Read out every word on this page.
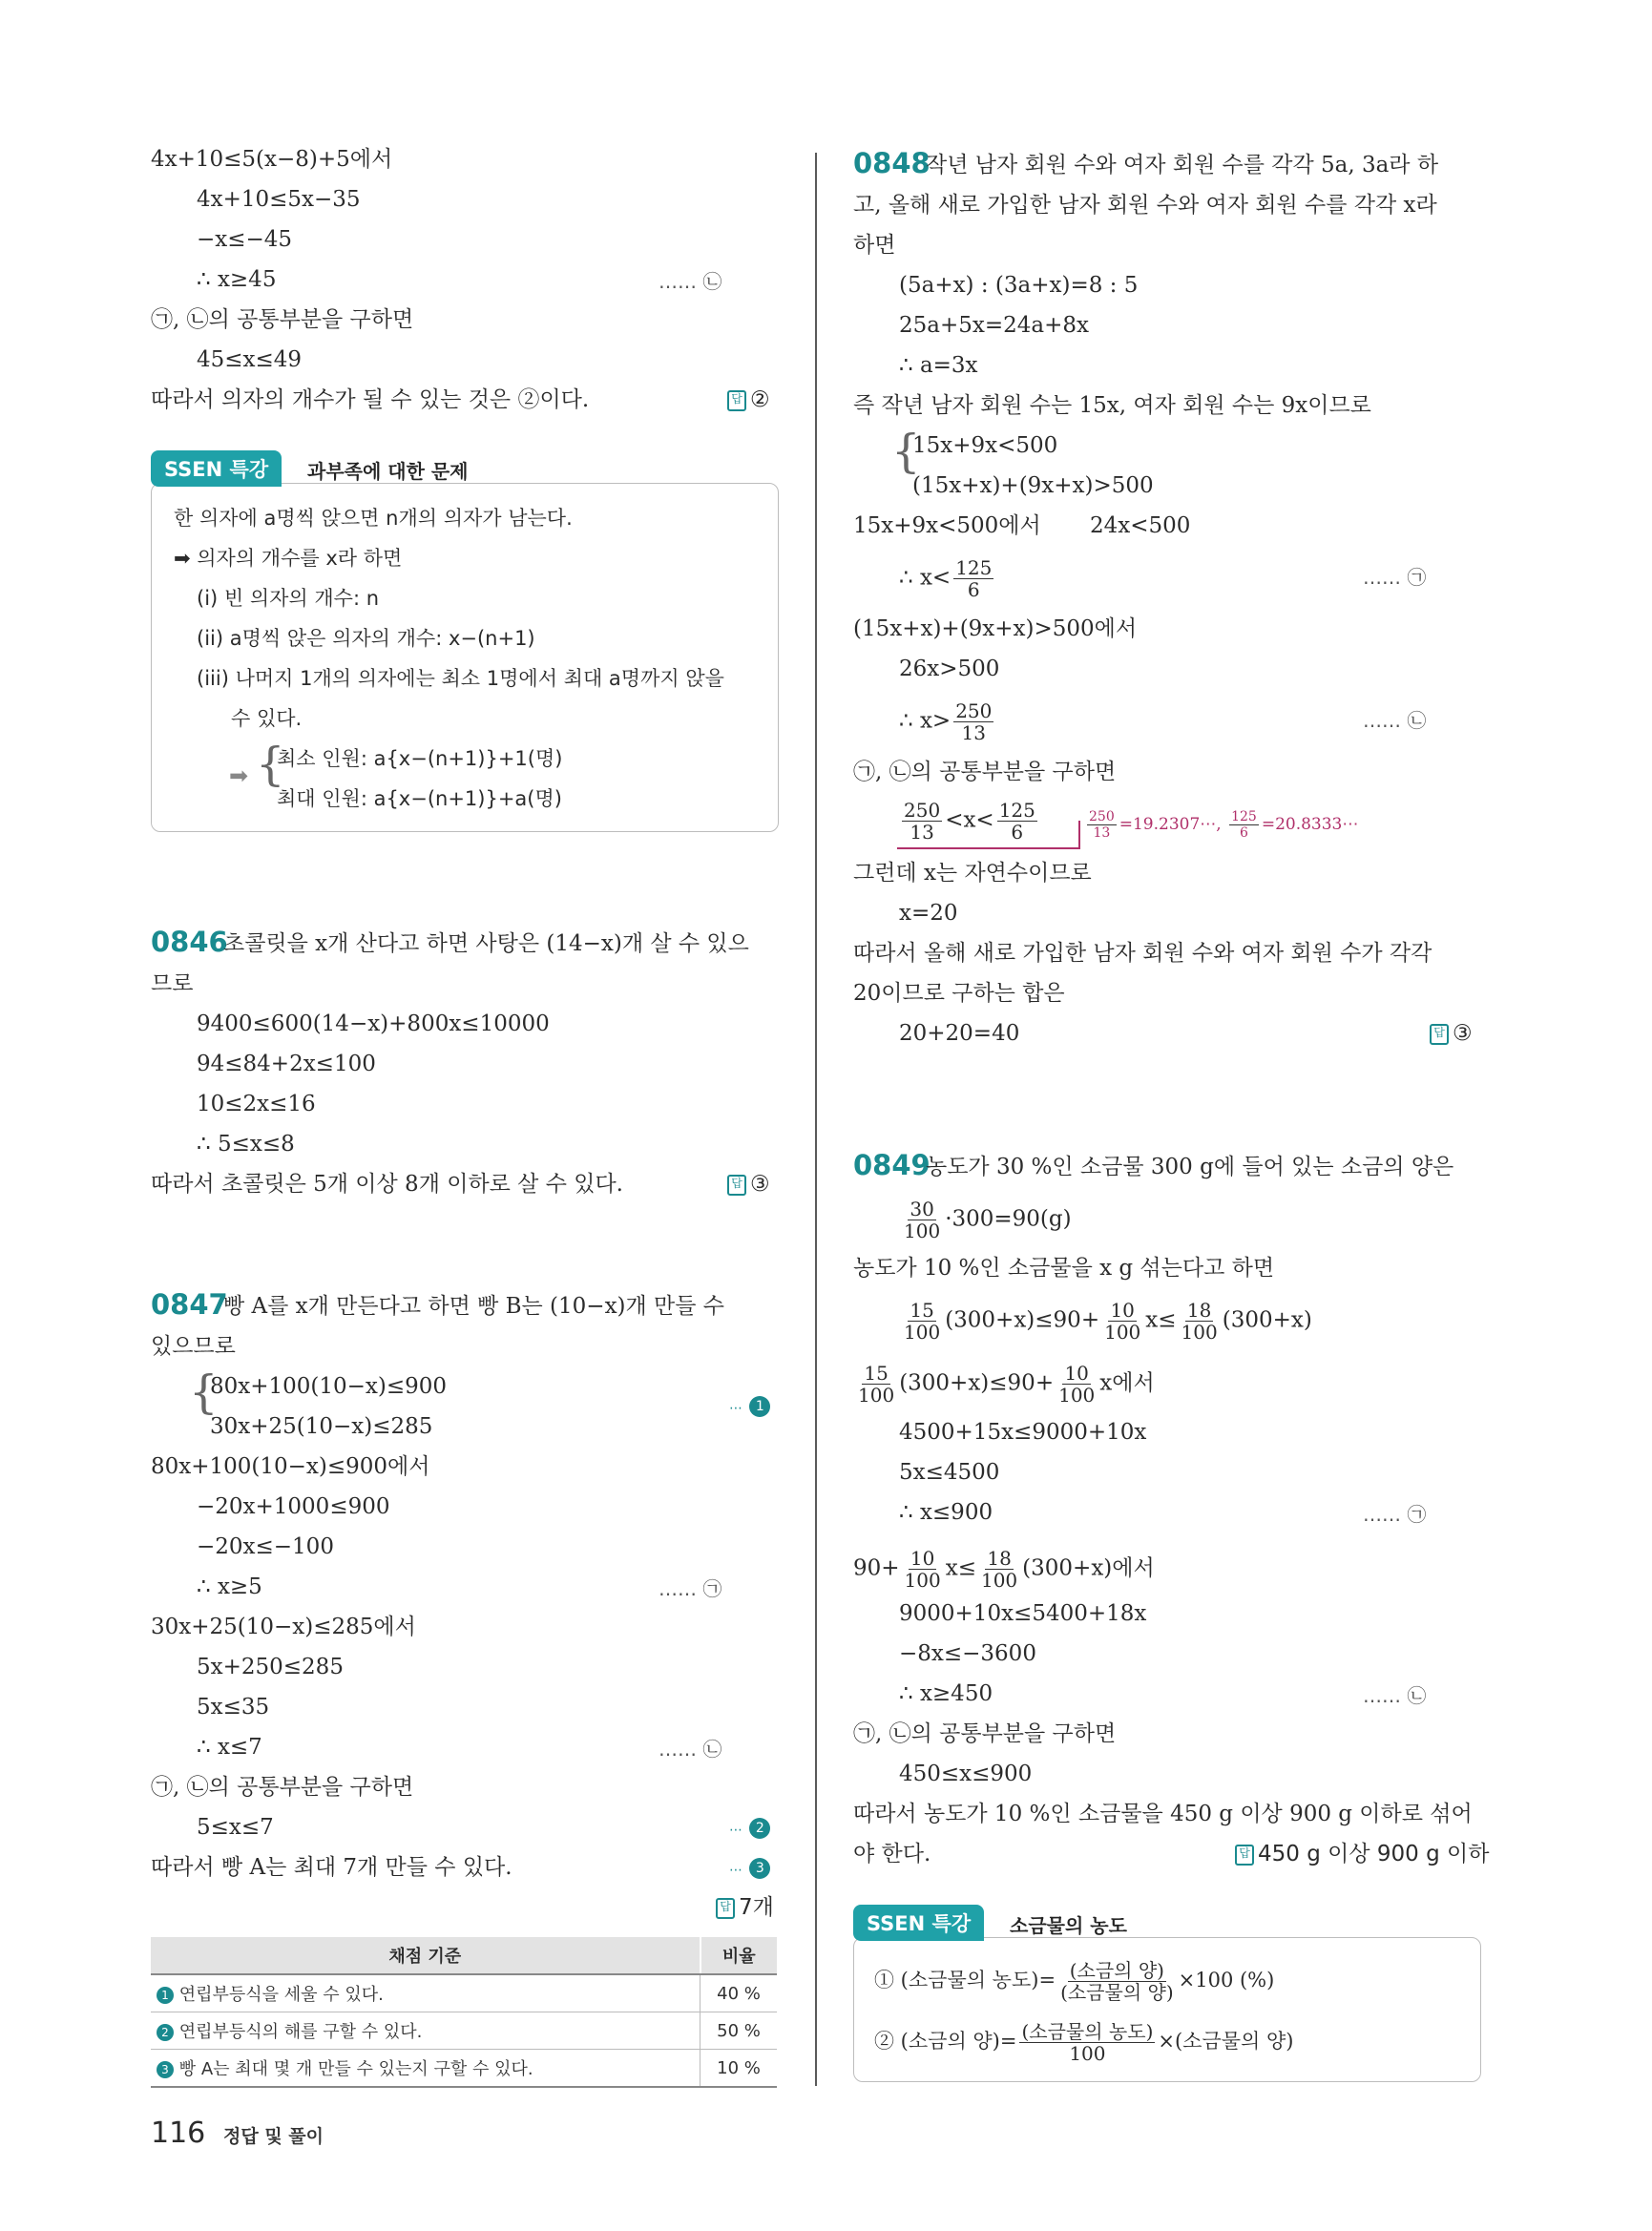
4x+10≤5(x−8)+5에서
4x+10≤5x−35
−x≤−45
∴ x≥45	…… ㉡
㉠, ㉡의 공통부분을 구하면
45≤x≤49
따라서 의자의 개수가 될 수 있는 것은 ②이다.	답 ②
SSEN 특강	과부족에 대한 문제
한 의자에 a명씩 앉으면 n개의 의자가 남는다.
➡ 의자의 개수를 x라 하면
(i) 빈 의자의 개수: n
(ii) a명씩 앉은 의자의 개수: x−(n+1)
(iii) 나머지 1개의 의자에는 최소 1명에서 최대 a명까지 앉을
수 있다.
➡ {
최소 인원: a{x−(n+1)}+1(명)
최대 인원: a{x−(n+1)}+a(명)
0846
초콜릿을 x개 산다고 하면 사탕은 (14−x)개 살 수 있으
므로
9400≤600(14−x)+800x≤10000
94≤84+2x≤100
10≤2x≤16
∴ 5≤x≤8
따라서 초콜릿은 5개 이상 8개 이하로 살 수 있다.	답 ③
0847
빵 A를 x개 만든다고 하면 빵 B는 (10−x)개 만들 수
있으므로
{
80x+100(10−x)≤900
30x+25(10−x)≤285
⋯ 1
80x+100(10−x)≤900에서
−20x+1000≤900
−20x≤−100
∴ x≥5	…… ㉠
30x+25(10−x)≤285에서
5x+250≤285
5x≤35
∴ x≤7	…… ㉡
㉠, ㉡의 공통부분을 구하면
5≤x≤7	⋯ 2
따라서 빵 A는 최대 7개 만들 수 있다.	⋯ 3
답 7개
채점 기준	비율
1 연립부등식을 세울 수 있다.	40 %
2 연립부등식의 해를 구할 수 있다.	50 %
3 빵 A는 최대 몇 개 만들 수 있는지 구할 수 있다.	10 %
116 정답 및 풀이
0848
작년 남자 회원 수와 여자 회원 수를 각각 5a, 3a라 하
고, 올해 새로 가입한 남자 회원 수와 여자 회원 수를 각각 x라
하면
(5a+x) : (3a+x)=8 : 5
25a+5x=24a+8x
∴ a=3x
즉 작년 남자 회원 수는 15x, 여자 회원 수는 9x이므로
{
15x+9x<500
(15x+x)+(9x+x)>500
15x+9x<500에서 24x<500
∴ $x< \frac{125}{6}$	…… ㉠
(15x+x)+(9x+x)>500에서
26x>500
∴ $x> \frac{250}{13}$	…… ㉡
㉠, ㉡의 공통부분을 구하면
$\frac{250}{13} <x< \frac{125}{6}$	$\frac{250}{13}$ =19.2307⋯, $\frac{125}{6}$ =20.8333⋯
그런데 x는 자연수이므로
x=20
따라서 올해 새로 가입한 남자 회원 수와 여자 회원 수가 각각
20이므로 구하는 합은
20+20=40	답 ③
0849
농도가 30 %인 소금물 300 g에 들어 있는 소금의 양은
$\frac{30}{100} \cdot 300=90(g)$
농도가 10 %인 소금물을 x g 섞는다고 하면
$\frac{15}{100} (300+x)\le 90+ \frac{10}{100} x\le \frac{18}{100} (300+x)$
$\frac{15}{100} (300+x)\le 90+ \frac{10}{100}$ x에서
4500+15x≤9000+10x
5x≤4500
∴ x≤900	…… ㉠
$90+ \frac{10}{100} x\le \frac{18}{100} (300+x)$에서
9000+10x≤5400+18x
−8x≤−3600
∴ x≥450	…… ㉡
㉠, ㉡의 공통부분을 구하면
450≤x≤900
따라서 농도가 10 %인 소금물을 450 g 이상 900 g 이하로 섞어
야 한다.	답 450 g 이상 900 g 이하
SSEN 특강	소금물의 농도
① (소금물의 농도)= $\frac{\text{(소금의 양)}}{\text{(소금물의 양)}} \times 100$ (%)
② (소금의 양)= $\frac{\text{(소금물의 농도)}}{100}$ ×(소금물의 양)
